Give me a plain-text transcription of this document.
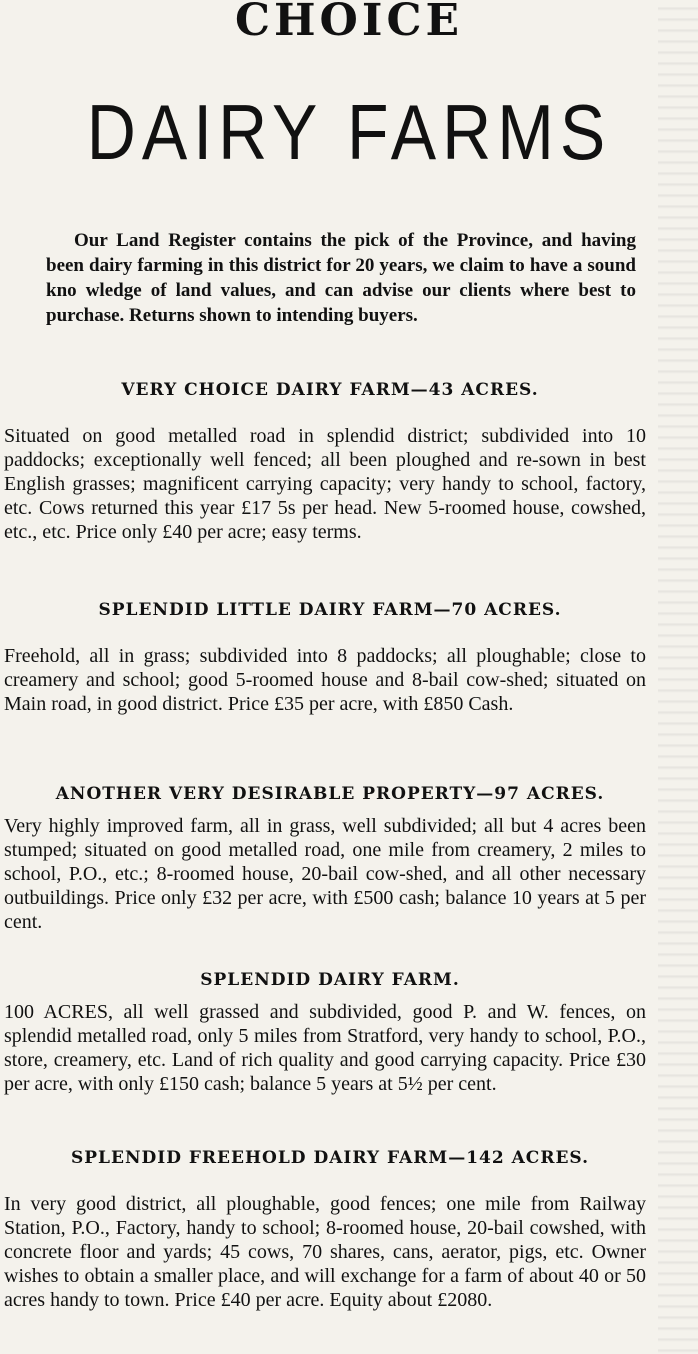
CHOICE
DAIRY FARMS
Our Land Register contains the pick of the Province, and having been dairy farming in this district for 20 years, we claim to have a sound kno wledge of land values, and can advise our clients where best to purchase. Returns shown to intending buyers.
VERY CHOICE DAIRY FARM—43 ACRES.
Situated on good metalled road in splendid district; subdivided into 10 paddocks; exceptionally well fenced; all been ploughed and re-sown in best English grasses; magnificent carrying capacity; very handy to school, factory, etc. Cows returned this year £17 5s per head. New 5-roomed house, cowshed, etc., etc. Price only £40 per acre; easy terms.
SPLENDID LITTLE DAIRY FARM—70 ACRES.
Freehold, all in grass; subdivided into 8 paddocks; all ploughable; close to creamery and school; good 5-roomed house and 8-bail cow-shed; situated on Main road, in good district. Price £35 per acre, with £850 Cash.
ANOTHER VERY DESIRABLE PROPERTY—97 ACRES.
Very highly improved farm, all in grass, well subdivided; all but 4 acres been stumped; situated on good metalled road, one mile from creamery, 2 miles to school, P.O., etc.; 8-roomed house, 20-bail cow-shed, and all other necessary outbuildings. Price only £32 per acre, with £500 cash; balance 10 years at 5 per cent.
SPLENDID DAIRY FARM.
100 ACRES, all well grassed and subdivided, good P. and W. fences, on splendid metalled road, only 5 miles from Stratford, very handy to school, P.O., store, creamery, etc. Land of rich quality and good carrying capacity. Price £30 per acre, with only £150 cash; balance 5 years at 5½ per cent.
SPLENDID FREEHOLD DAIRY FARM—142 ACRES.
In very good district, all ploughable, good fences; one mile from Railway Station, P.O., Factory, handy to school; 8-roomed house, 20-bail cowshed, with concrete floor and yards; 45 cows, 70 shares, cans, aerator, pigs, etc. Owner wishes to obtain a smaller place, and will exchange for a farm of about 40 or 50 acres handy to town. Price £40 per acre. Equity about £2080.
